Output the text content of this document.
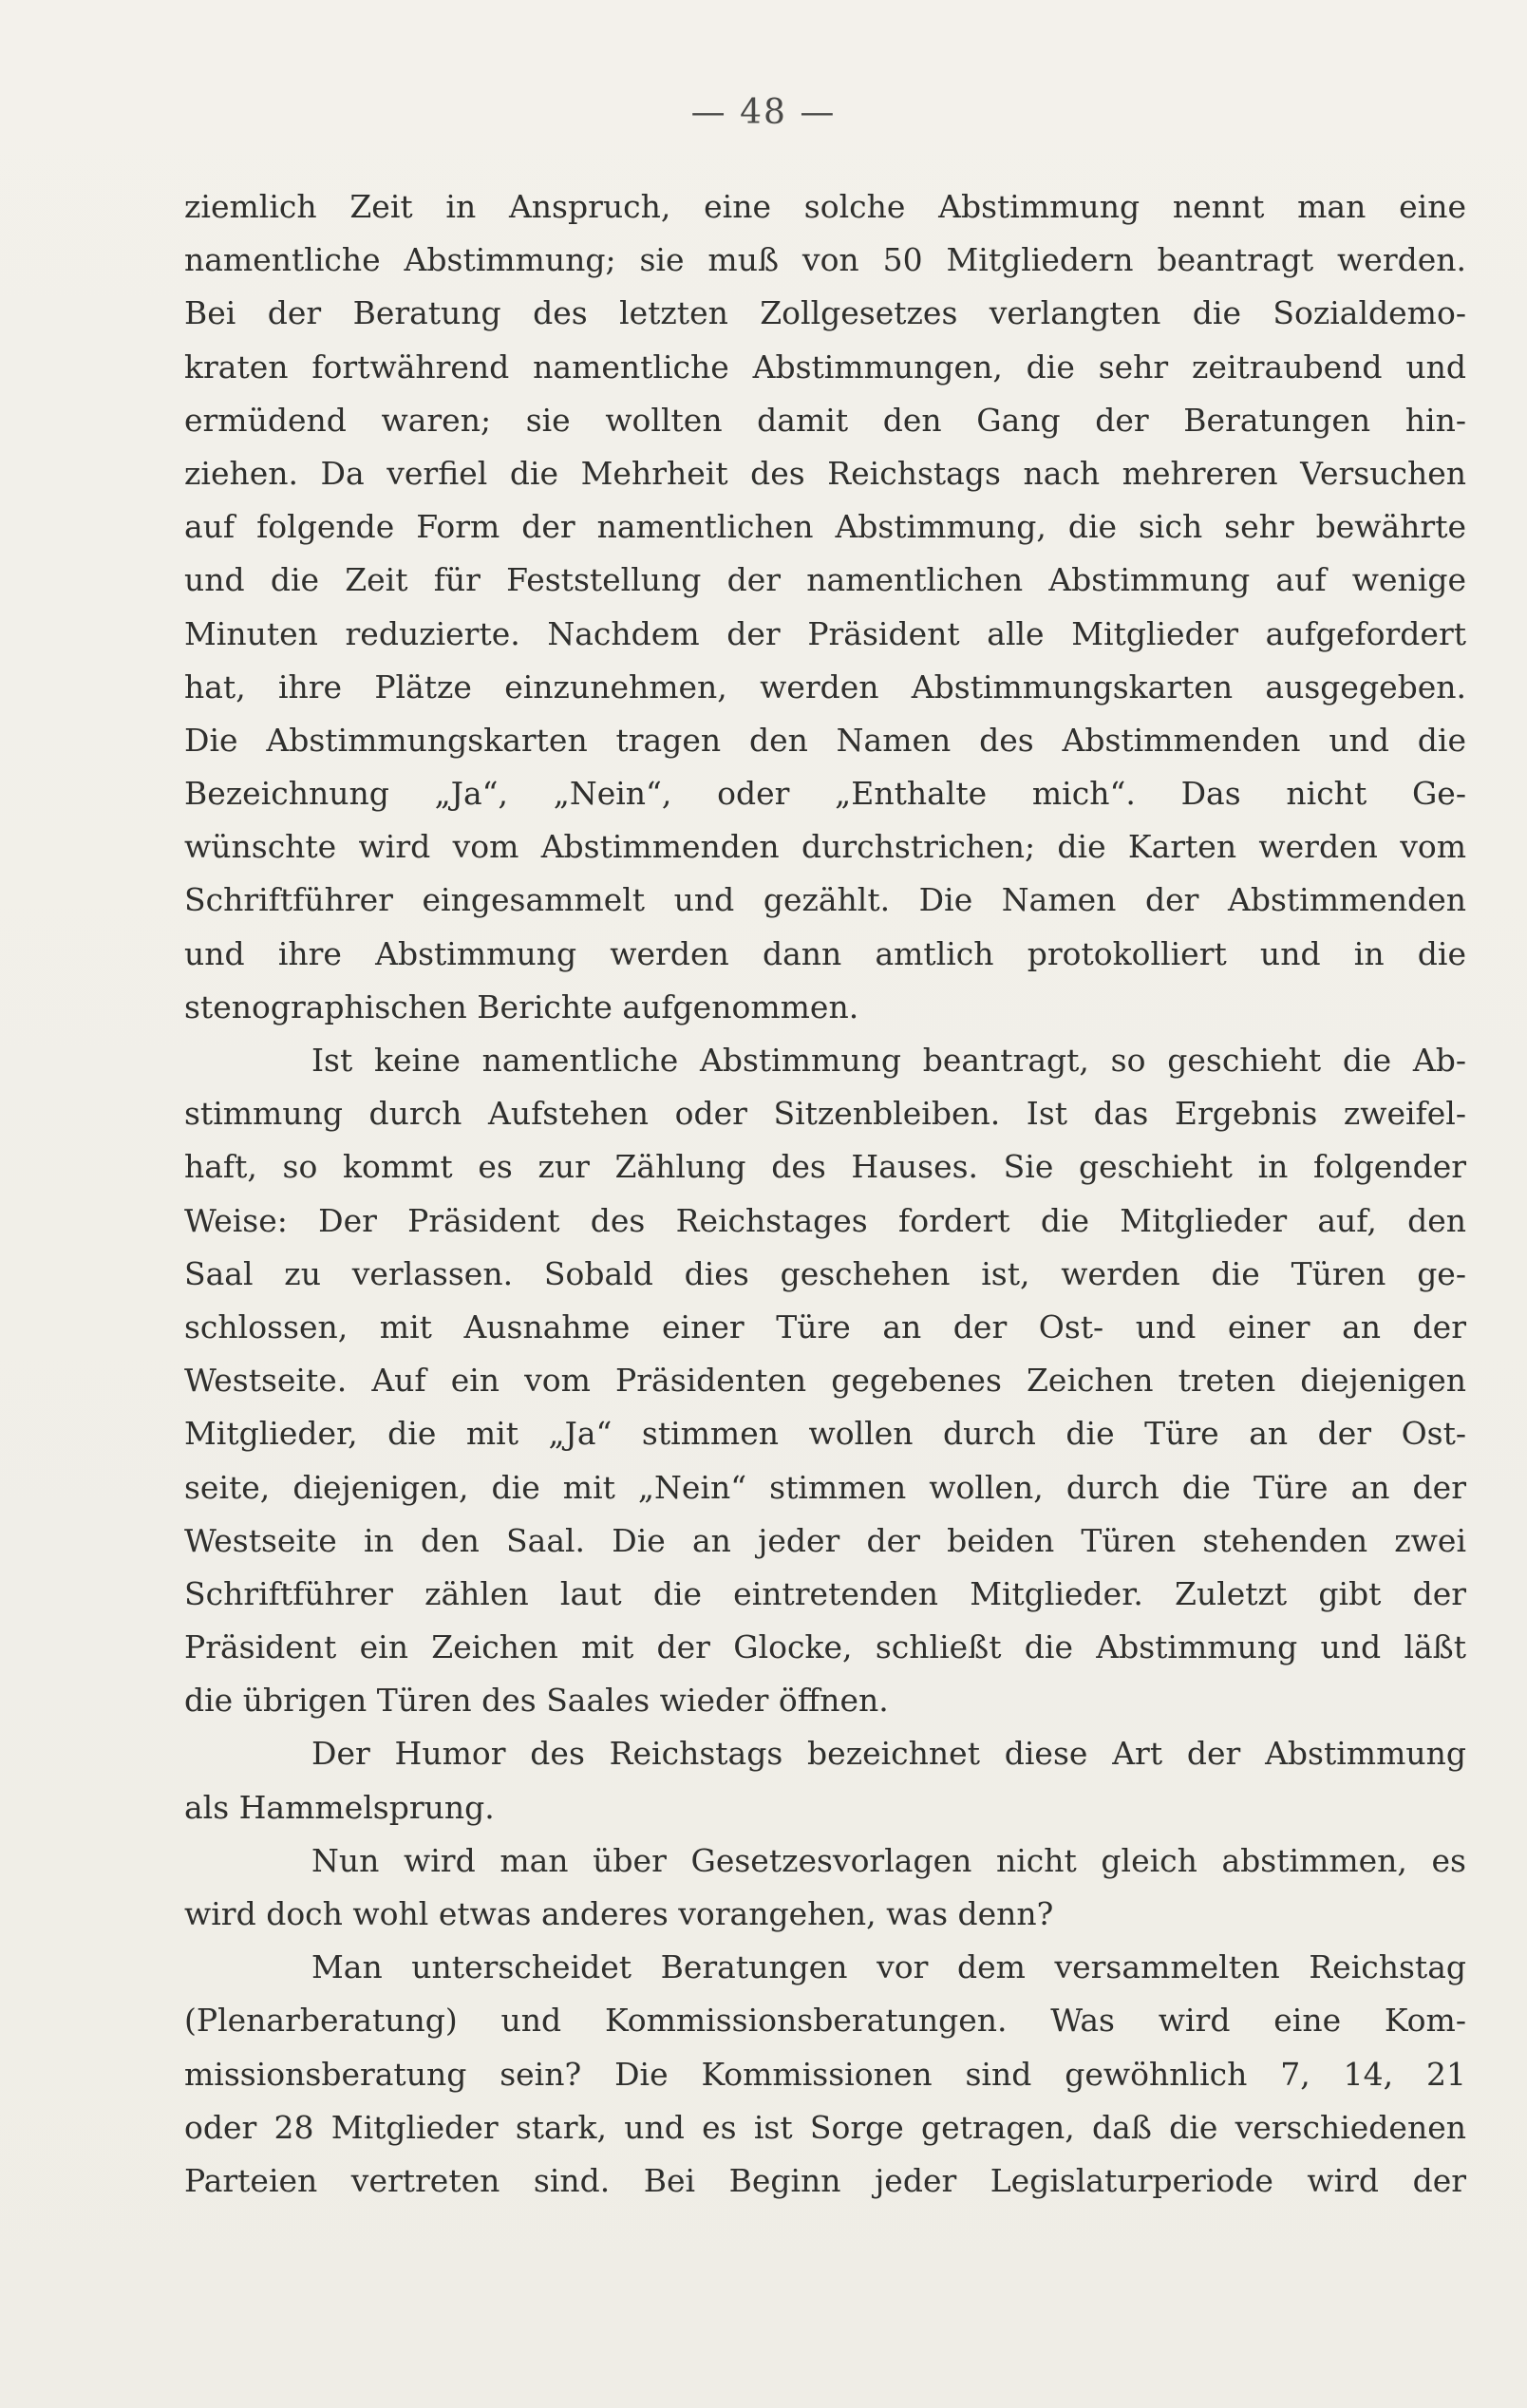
— 48 —
ziemlich Zeit in Anspruch, eine solche Abstimmung nennt man eine
namentliche Abstimmung; sie muß von 50 Mitgliedern beantragt werden.
Bei der Beratung des letzten Zollgesetzes verlangten die Sozialdemo-
kraten fortwährend namentliche Abstimmungen, die sehr zeitraubend und
ermüdend waren; sie wollten damit den Gang der Beratungen hin-
ziehen. Da verfiel die Mehrheit des Reichstags nach mehreren Versuchen
auf folgende Form der namentlichen Abstimmung, die sich sehr bewährte
und die Zeit für Feststellung der namentlichen Abstimmung auf wenige
Minuten reduzierte. Nachdem der Präsident alle Mitglieder aufgefordert
hat, ihre Plätze einzunehmen, werden Abstimmungskarten ausgegeben.
Die Abstimmungskarten tragen den Namen des Abstimmenden und die
Bezeichnung „Ja“, „Nein“, oder „Enthalte mich“. Das nicht Ge-
wünschte wird vom Abstimmenden durchstrichen; die Karten werden vom
Schriftführer eingesammelt und gezählt. Die Namen der Abstimmenden
und ihre Abstimmung werden dann amtlich protokolliert und in die
stenographischen Berichte aufgenommen.
Ist keine namentliche Abstimmung beantragt, so geschieht die Ab-
stimmung durch Aufstehen oder Sitzenbleiben. Ist das Ergebnis zweifel-
haft, so kommt es zur Zählung des Hauses. Sie geschieht in folgender
Weise: Der Präsident des Reichstages fordert die Mitglieder auf, den
Saal zu verlassen. Sobald dies geschehen ist, werden die Türen ge-
schlossen, mit Ausnahme einer Türe an der Ost- und einer an der
Westseite. Auf ein vom Präsidenten gegebenes Zeichen treten diejenigen
Mitglieder, die mit „Ja“ stimmen wollen durch die Türe an der Ost-
seite, diejenigen, die mit „Nein“ stimmen wollen, durch die Türe an der
Westseite in den Saal. Die an jeder der beiden Türen stehenden zwei
Schriftführer zählen laut die eintretenden Mitglieder. Zuletzt gibt der
Präsident ein Zeichen mit der Glocke, schließt die Abstimmung und läßt
die übrigen Türen des Saales wieder öffnen.
Der Humor des Reichstags bezeichnet diese Art der Abstimmung
als Hammelsprung.
Nun wird man über Gesetzesvorlagen nicht gleich abstimmen, es
wird doch wohl etwas anderes vorangehen, was denn?
Man unterscheidet Beratungen vor dem versammelten Reichstag
(Plenarberatung) und Kommissionsberatungen. Was wird eine Kom-
missionsberatung sein? Die Kommissionen sind gewöhnlich 7, 14, 21
oder 28 Mitglieder stark, und es ist Sorge getragen, daß die verschiedenen
Parteien vertreten sind. Bei Beginn jeder Legislaturperiode wird der
